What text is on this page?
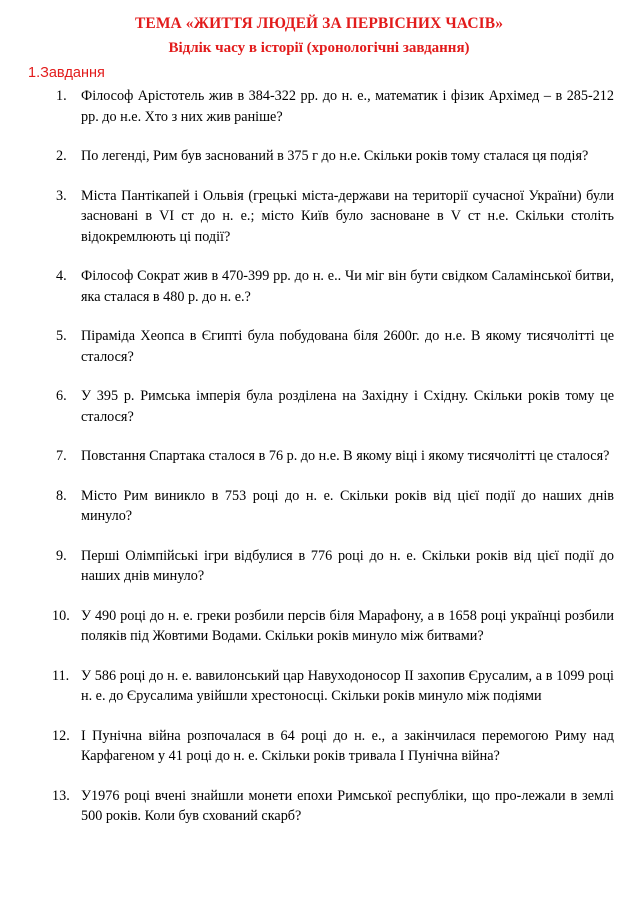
ТЕМА «ЖИТТЯ ЛЮДЕЙ ЗА ПЕРВІСНИХ ЧАСІВ»
Відлік часу в історії (хронологічні завдання)
1.Завдання
1. Філософ Арістотель жив в 384-322 рр. до н. е., математик і фізик Архімед – в 285-212 рр. до н.е. Хто з них жив раніше?
2. По легенді, Рим був заснований в 375 г до н.е. Скільки років тому сталася ця подія?
3. Міста Пантікапей і Ольвія (грецькі міста-держави на території сучасної України) були засновані в VI ст до н. е.; місто Київ було засноване в V ст н.е. Скільки століть відокремлюють ці події?
4. Філософ Сократ жив в 470-399 рр. до н. е.. Чи міг він бути свідком Саламінської битви, яка сталася в 480 р. до н. е.?
5. Піраміда Хеопса в Єгипті була побудована біля 2600г. до н.е. В якому тисячолітті це сталося?
6. У 395 р. Римська імперія була розділена на Західну і Східну. Скільки років тому це сталося?
7. Повстання Спартака сталося в 76 р. до н.е. В якому віці і якому тисячолітті це сталося?
8. Місто Рим виникло в 753 році до н. е. Скільки років від цієї події до наших днів минуло?
9. Перші Олімпійські ігри відбулися в 776 році до н. е. Скільки років від цієї події до наших днів минуло?
10. У 490 році до н. е. греки розбили персів біля Марафону, а в 1658 році українці розбили поляків під Жовтими Водами. Скільки років минуло між битвами?
11. У 586 році до н. е. вавилонський цар Навуходоносор II захопив Єрусалим, а в 1099 році н. е. до Єрусалима увійшли хрестоносці. Скільки років минуло між подіями
12. І Пунічна війна розпочалася в 64 році до н. е., а закінчилася перемогою Риму над Карфагеном у 41 році до н. е. Скільки років тривала І Пунічна війна?
13. У1976 році вчені знайшли монети епохи Римської республіки, що про-лежали в землі 500 років. Коли був схований скарб?
